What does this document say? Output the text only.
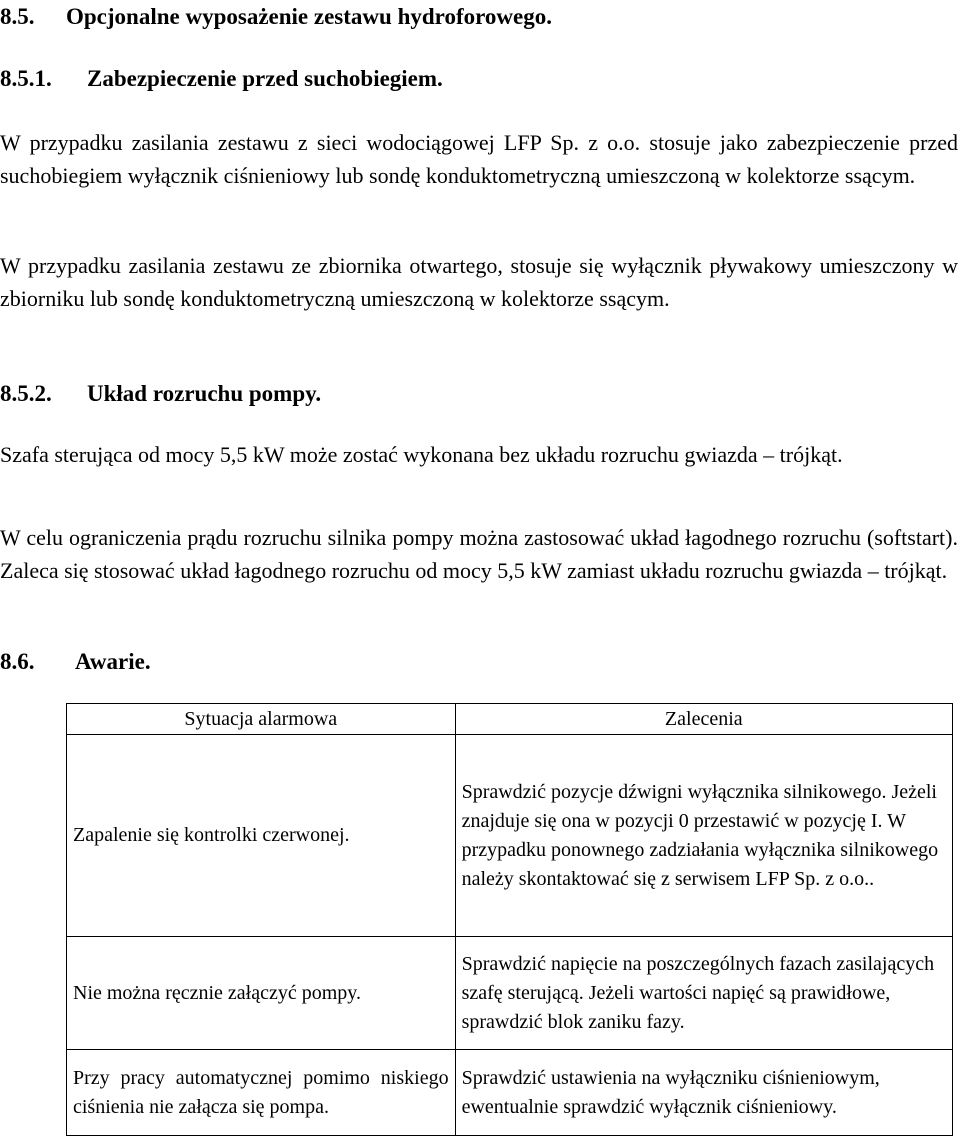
8.5. Opcjonalne wyposażenie zestawu hydroforowego.
8.5.1. Zabezpieczenie przed suchobiegiem.

W przypadku zasilania zestawu z sieci wodociągowej LFP Sp. z o.o. stosuje jako zabezpieczenie przed suchobiegiem wyłącznik ciśnieniowy lub sondę konduktometryczną umieszczoną w kolektorze ssącym.

W przypadku zasilania zestawu ze zbiornika otwartego, stosuje się wyłącznik pływakowy umieszczony w zbiorniku lub sondę konduktometryczną umieszczoną w kolektorze ssącym.

8.5.2. Układ rozruchu pompy.

Szafa sterująca od mocy 5,5 kW może zostać wykonana bez układu rozruchu gwiazda – trójkąt.

W celu ograniczenia prądu rozruchu silnika pompy można zastosować układ łagodnego rozruchu (softstart). Zaleca się stosować układ łagodnego rozruchu od mocy 5,5 kW zamiast układu rozruchu gwiazda – trójkąt.

8.6. Awarie.
Sytuacja alarmowa	Zalecenia
Zapalenie się kontrolki czerwonej.	Sprawdzić pozycje dźwigni wyłącznika silnikowego. Jeżeli znajduje się ona w pozycji 0 przestawić w pozycję I. W przypadku ponownego zadziałania wyłącznika silnikowego należy skontaktować się z serwisem LFP Sp. z o.o..
Nie można ręcznie załączyć pompy.	Sprawdzić napięcie na poszczególnych fazach zasilających szafę sterującą. Jeżeli wartości napięć są prawidłowe, sprawdzić blok zaniku fazy.
Przy pracy automatycznej pomimo niskiego ciśnienia nie załącza się pompa.	Sprawdzić ustawienia na wyłączniku ciśnieniowym, ewentualnie sprawdzić wyłącznik ciśnieniowy.
